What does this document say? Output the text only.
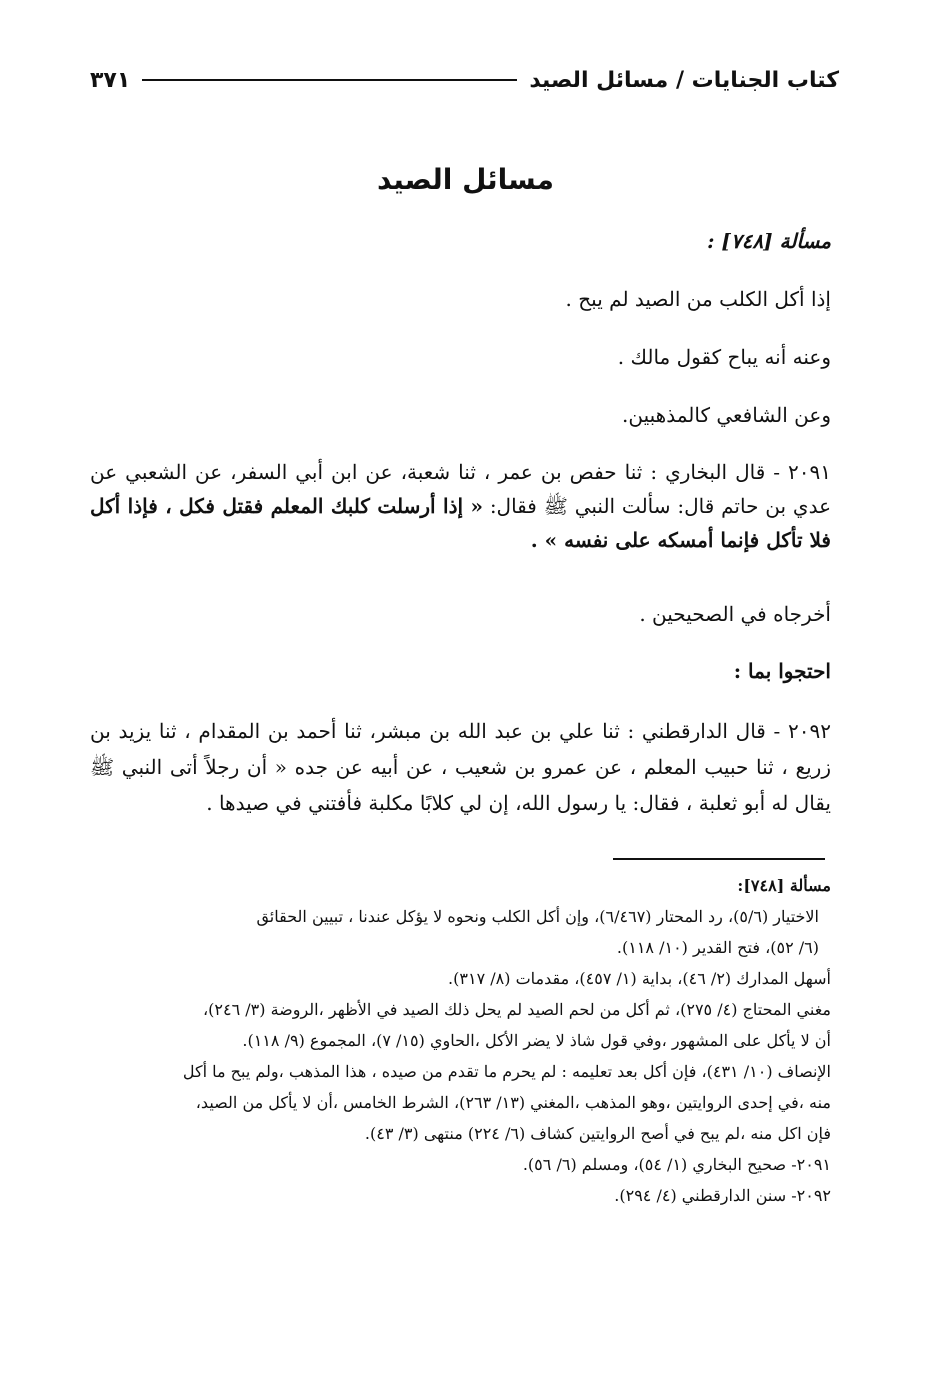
كتاب الجنايات / مسائل الصيد
٣٧١
مسائل الصيد
مسألة [٧٤٨] :
إذا أكل الكلب من الصيد لم يبح .
وعنه أنه يباح كقول مالك .
وعن الشافعي كالمذهبين.
٢٠٩١ - قال البخاري : ثنا حفص بن عمر ، ثنا شعبة، عن ابن أبي السفر، عن الشعبي عن عدي بن حاتم قال: سألت النبي ﷺ فقال: « إذا أرسلت كلبك المعلم فقتل فكل ، فإذا أكل فلا تأكل فإنما أمسكه على نفسه » .
أخرجاه في الصحيحين .
احتجوا بما :
٢٠٩٢ - قال الدارقطني : ثنا علي بن عبد الله بن مبشر، ثنا أحمد بن المقدام ، ثنا يزيد بن زريع ، ثنا حبيب المعلم ، عن عمرو بن شعيب ، عن أبيه عن جده « أن رجلاً أتى النبي ﷺ يقال له أبو ثعلبة ، فقال: يا رسول الله، إن لي كلابًا مكلبة فأفتني في صيدها .

مسألة [٧٤٨]:

الاختيار (٥/٦)، رد المحتار (٦/٤٦٧)، وإن أكل الكلب ونحوه لا يؤكل عندنا ، تبيين الحقائق

(٦/ ٥٢)، فتح القدير (١٠/ ١١٨).

أسهل المدارك (٢/ ٤٦)، بداية (١/ ٤٥٧)، مقدمات (٨/ ٣١٧).

مغني المحتاج (٤/ ٢٧٥)، ثم أكل من لحم الصيد لم يحل ذلك الصيد في الأظهر ،الروضة (٣/ ٢٤٦)،

أن لا يأكل على المشهور ،وفي قول شاذ لا يضر الأكل ،الحاوي (١٥/ ٧)، المجموع (٩/ ١١٨).

الإنصاف (١٠/ ٤٣١)، فإن أكل بعد تعليمه : لم يحرم ما تقدم من صيده ، هذا المذهب ،ولم يبح ما أكل

منه ،في إحدى الروايتين ،وهو المذهب ،المغني (١٣/ ٢٦٣)، الشرط الخامس ،أن لا يأكل من الصيد،

فإن اكل منه ،لم يبح في أصح الروايتين كشاف (٦/ ٢٢٤) منتهى (٣/ ٤٣).

٢٠٩١- صحيح البخاري (١/ ٥٤)، ومسلم (٦/ ٥٦).

٢٠٩٢- سنن الدارقطني (٤/ ٢٩٤).
